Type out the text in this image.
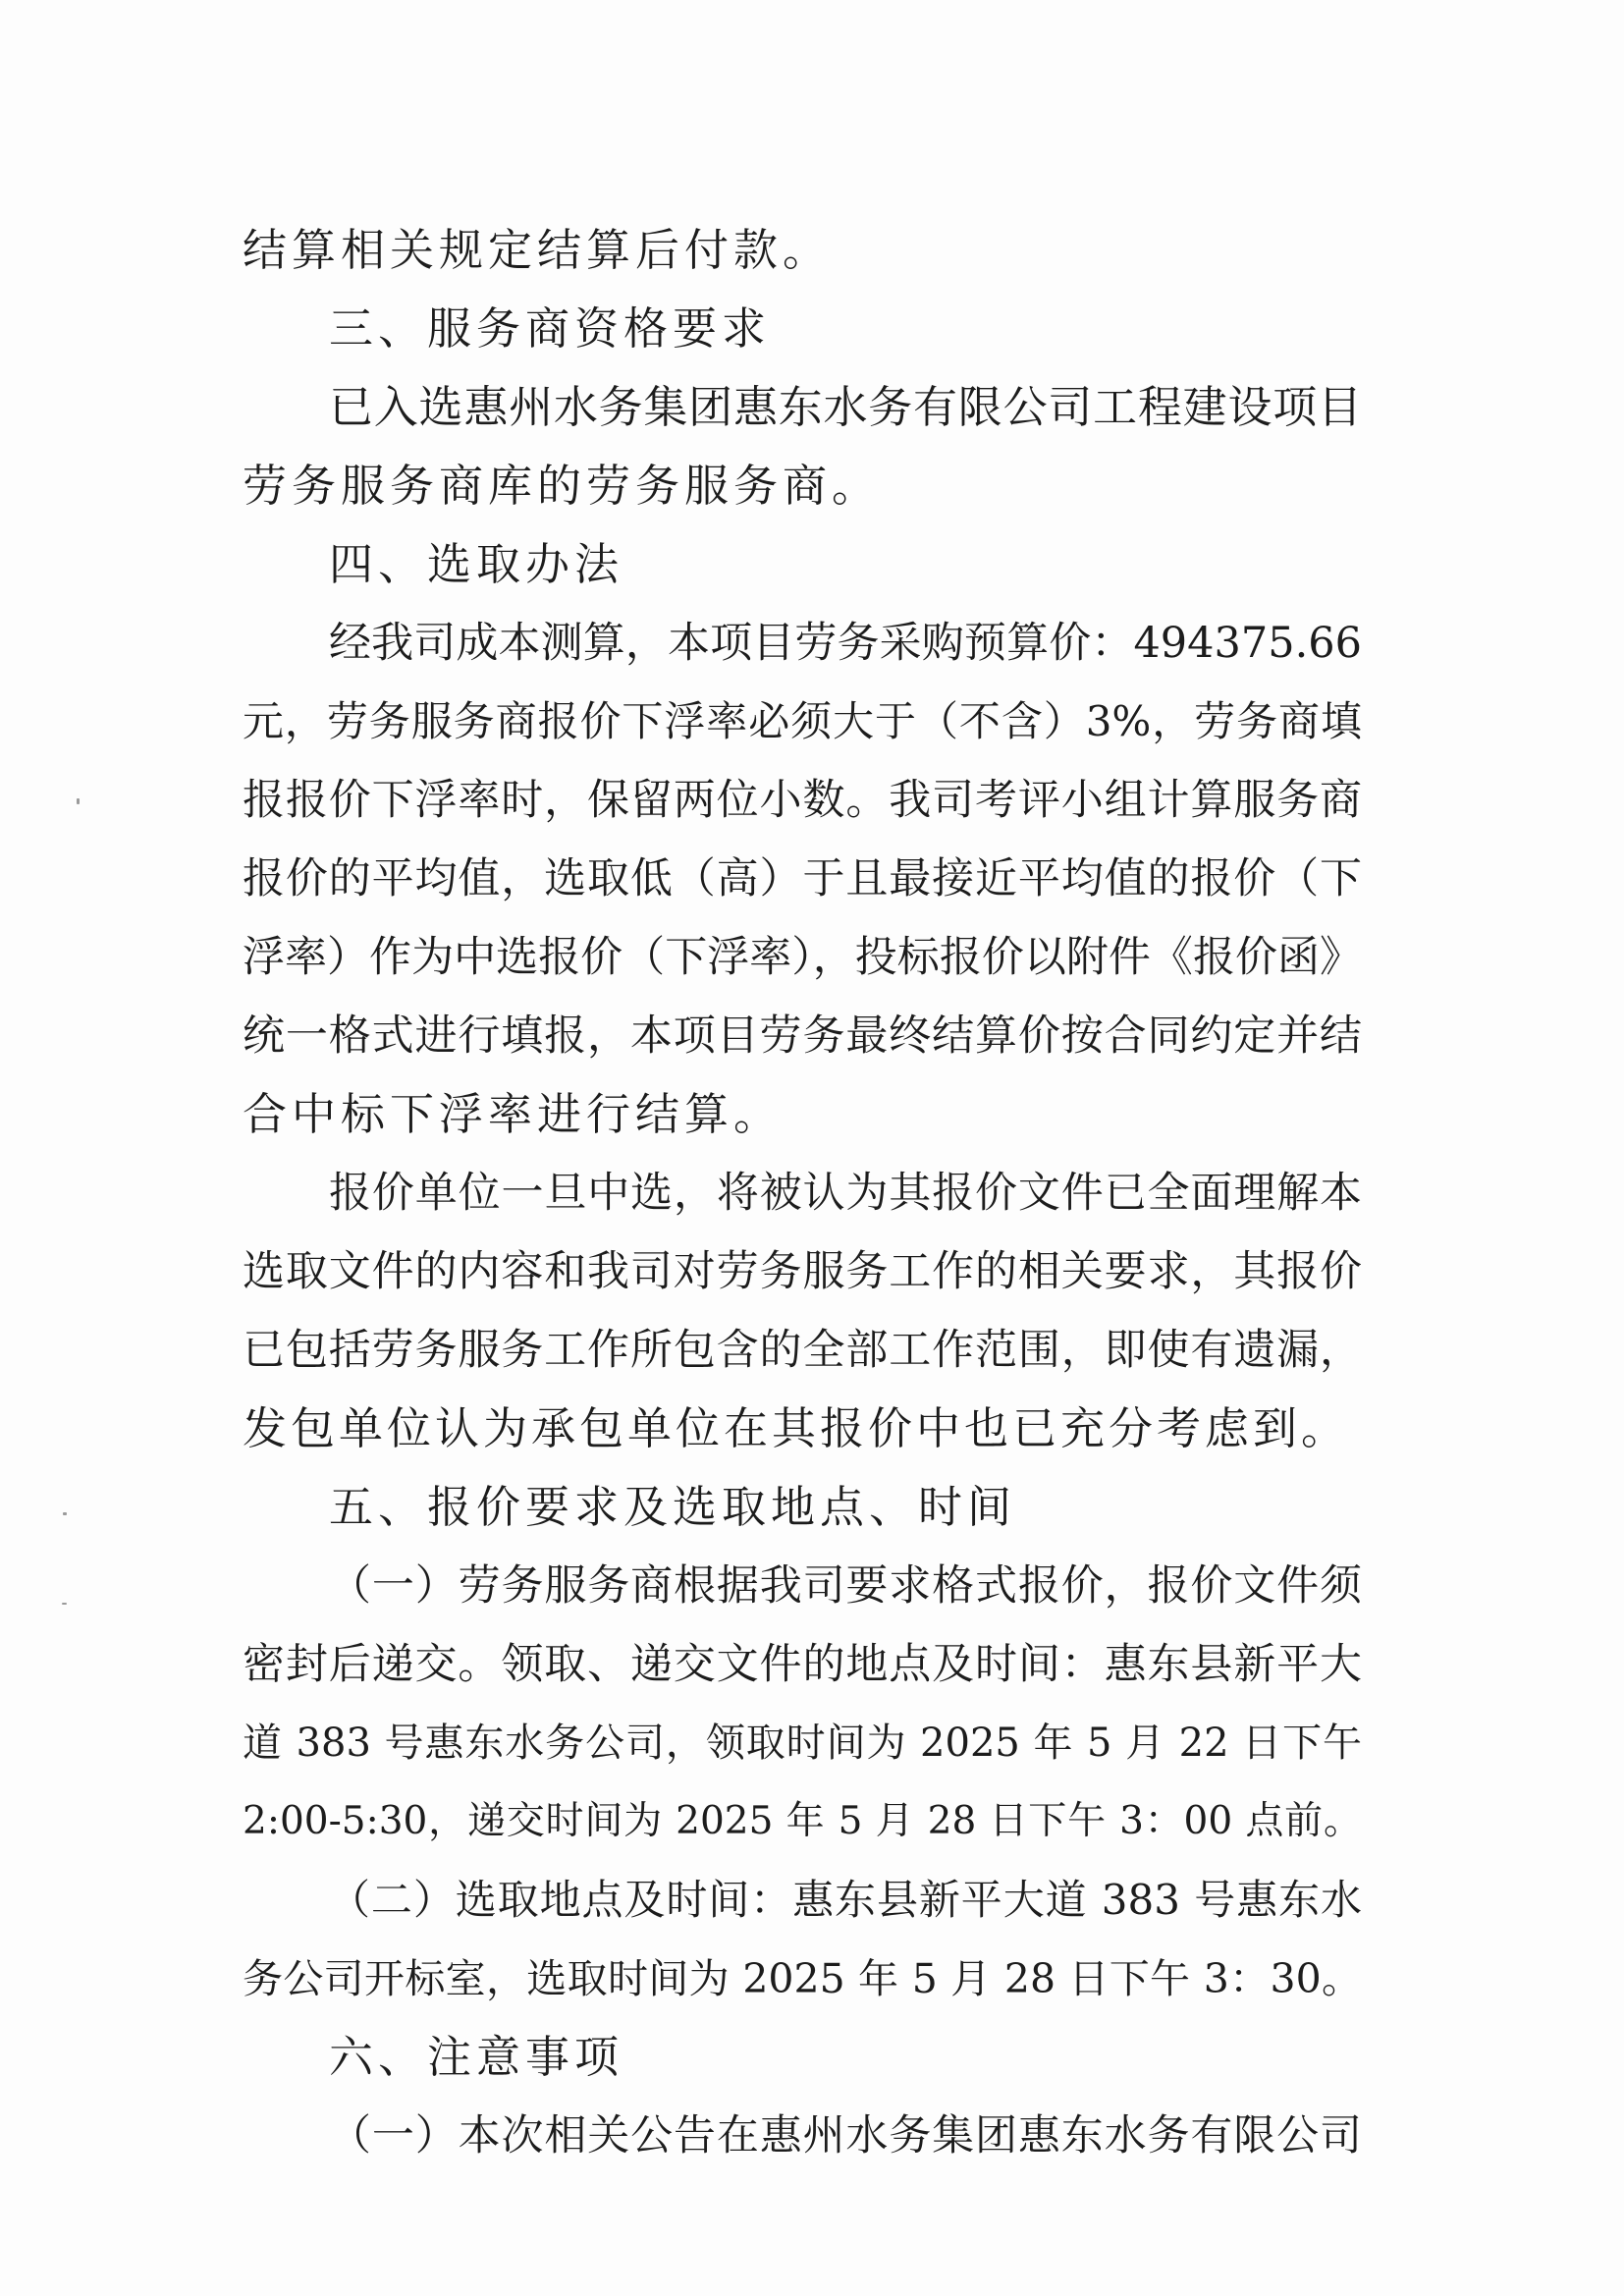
结算相关规定结算后付款。
三、服务商资格要求
已入选惠州水务集团惠东水务有限公司工程建设项目
劳务服务商库的劳务服务商。
四、选取办法
经我司成本测算，本项目劳务采购预算价：494375.66
元，劳务服务商报价下浮率必须大于（不含）3%，劳务商填
报报价下浮率时，保留两位小数。我司考评小组计算服务商
报价的平均值，选取低（高）于且最接近平均值的报价（下
浮率）作为中选报价（下浮率），投标报价以附件《报价函》
统一格式进行填报，本项目劳务最终结算价按合同约定并结
合中标下浮率进行结算。
报价单位一旦中选，将被认为其报价文件已全面理解本
选取文件的内容和我司对劳务服务工作的相关要求，其报价
已包括劳务服务工作所包含的全部工作范围，即使有遗漏，
发包单位认为承包单位在其报价中也已充分考虑到。
五、报价要求及选取地点、时间
（一）劳务服务商根据我司要求格式报价，报价文件须
密封后递交。领取、递交文件的地点及时间：惠东县新平大
道 383 号惠东水务公司，领取时间为 2025 年 5 月 22 日下午
2:00-5:30，递交时间为 2025 年 5 月 28 日下午 3：00 点前。
（二）选取地点及时间：惠东县新平大道 383 号惠东水
务公司开标室，选取时间为 2025 年 5 月 28 日下午 3：30。
六、注意事项
（一）本次相关公告在惠州水务集团惠东水务有限公司
